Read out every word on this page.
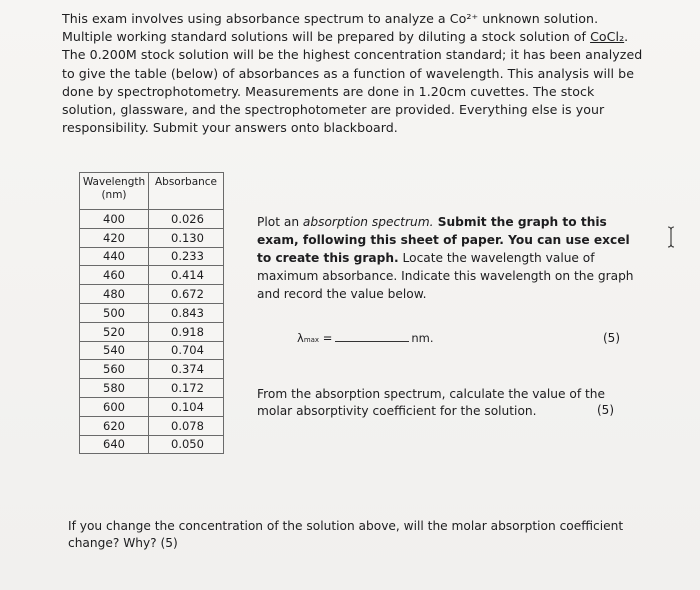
This exam involves using absorbance spectrum to analyze a Co²⁺ unknown solution. Multiple working standard solutions will be prepared by diluting a stock solution of CoCl₂. The 0.200M stock solution will be the highest concentration standard; it has been analyzed to give the table (below) of absorbances as a function of wavelength. This analysis will be done by spectrophotometry. Measurements are done in 1.20cm cuvettes. The stock solution, glassware, and the spectrophotometer are provided. Everything else is your responsibility. Submit your answers onto blackboard.

Wavelength (nm)	Absorbance
400	0.026
420	0.130
440	0.233
460	0.414
480	0.672
500	0.843
520	0.918
540	0.704
560	0.374
580	0.172
600	0.104
620	0.078
640	0.050

Plot an absorption spectrum. Submit the graph to this exam, following this sheet of paper. You can use excel to create this graph. Locate the wavelength value of maximum absorbance. Indicate this wavelength on the graph and record the value below.

λ max
=	nm.	(5)

From the absorption spectrum, calculate the value of the molar absorptivity coefficient for the solution.	(5)

If you change the concentration of the solution above, will the molar absorption coefficient change? Why? (5)
